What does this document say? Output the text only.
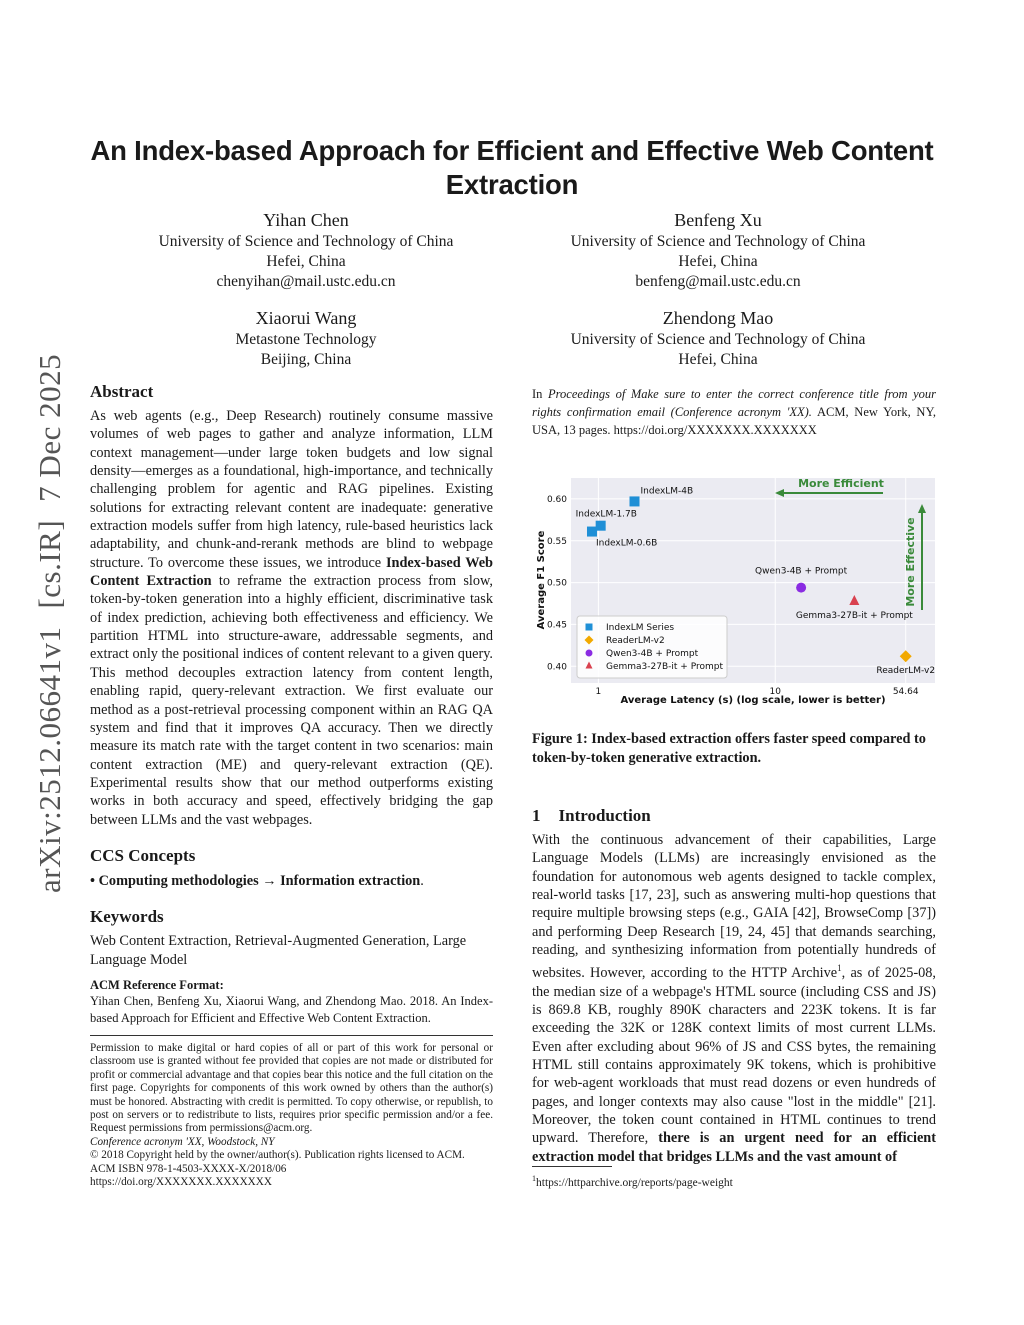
arXiv:2512.06641v1[cs.IR]7 Dec 2025
An Index-based Approach for Efficient and Effective Web Content Extraction
Yihan Chen
University of Science and Technology of China
Hefei, China
chenyihan@mail.ustc.edu.cn
Benfeng Xu
University of Science and Technology of China
Hefei, China
benfeng@mail.ustc.edu.cn
Xiaorui Wang
Metastone Technology
Beijing, China
Zhendong Mao
University of Science and Technology of China
Hefei, China
Abstract

As web agents (e.g., Deep Research) routinely consume massive volumes of web pages to gather and analyze information, LLM context management—under large token budgets and low signal density—emerges as a foundational, high-importance, and technically challenging problem for agentic and RAG pipelines. Existing solutions for extracting relevant content are inadequate: generative extraction models suffer from high latency, rule-based heuristics lack adaptability, and chunk-and-rerank methods are blind to webpage structure. To overcome these issues, we introduce Index-based Web Content Extraction to reframe the extraction process from slow, token-by-token generation into a highly efficient, discriminative task of index prediction, achieving both effectiveness and efficiency. We partition HTML into structure-aware, addressable segments, and extract only the positional indices of content relevant to a given query. This method decouples extraction latency from content length, enabling rapid, query-relevant extraction. We first evaluate our method as a post-retrieval processing component within an RAG QA system and find that it improves QA accuracy. Then we directly measure its match rate with the target content in two scenarios: main content extraction (ME) and query-relevant extraction (QE). Experimental results show that our method outperforms existing works in both accuracy and speed, effectively bridging the gap between LLMs and the vast webpages.

CCS Concepts

• Computing methodologies → Information extraction.

Keywords

Web Content Extraction, Retrieval-Augmented Generation, Large Language Model

ACM Reference Format:
Yihan Chen, Benfeng Xu, Xiaorui Wang, and Zhendong Mao. 2018. An Index-based Approach for Efficient and Effective Web Content Extraction.
Permission to make digital or hard copies of all or part of this work for personal or classroom use is granted without fee provided that copies are not made or distributed for profit or commercial advantage and that copies bear this notice and the full citation on the first page. Copyrights for components of this work owned by others than the author(s) must be honored. Abstracting with credit is permitted. To copy otherwise, or republish, to post on servers or to redistribute to lists, requires prior specific permission and/or a fee. Request permissions from permissions@acm.org.
Conference acronym 'XX, Woodstock, NY
© 2018 Copyright held by the owner/author(s). Publication rights licensed to ACM.
ACM ISBN 978-1-4503-XXXX-X/2018/06
https://doi.org/XXXXXXX.XXXXXXX
In Proceedings of Make sure to enter the correct conference title from your rights confirmation email (Conference acronym 'XX). ACM, New York, NY, USA, 13 pages. https://doi.org/XXXXXXX.XXXXXXX
IndexLM-0.6B
IndexLM-1.7B
IndexLM-4B
ReaderLM-v2
Qwen3-4B + Prompt
Gemma3-27B-it + Prompt
0.40
0.45
0.50
0.55
0.60
1	10	54.64
Average Latency (s) (log scale, lower is better)
Average F1 Score
More Efficient
More Effective
IndexLM Series
ReaderLM-v2
Qwen3-4B + Prompt
Gemma3-27B-it + Prompt
Figure 1: Index-based extraction offers faster speed compared to token-by-token generative extraction.
1 Introduction

With the continuous advancement of their capabilities, Large Language Models (LLMs) are increasingly envisioned as the foundation for autonomous web agents designed to tackle complex, real-world tasks [17, 23], such as answering multi-hop questions that require multiple browsing steps (e.g., GAIA [42], BrowseComp [37]) and performing Deep Research [19, 24, 45] that demands searching, reading, and synthesizing information from potentially hundreds of websites. However, according to the HTTP Archive$^1$, as of 2025-08, the median size of a webpage's HTML source (including CSS and JS) is 869.8 KB, roughly 890K characters and 223K tokens. It is far exceeding the 32K or 128K context limits of most current LLMs. Even after excluding about 96% of JS and CSS bytes, the remaining HTML still contains approximately 9K tokens, which is prohibitive for web-agent workloads that must read dozens or even hundreds of pages, and longer contexts may also cause "lost in the middle" [21]. Moreover, the token count contained in HTML continues to trend upward. Therefore, there is an urgent need for an efficient extraction model that bridges LLMs and the vast amount of

$^1$https://httparchive.org/reports/page-weight
